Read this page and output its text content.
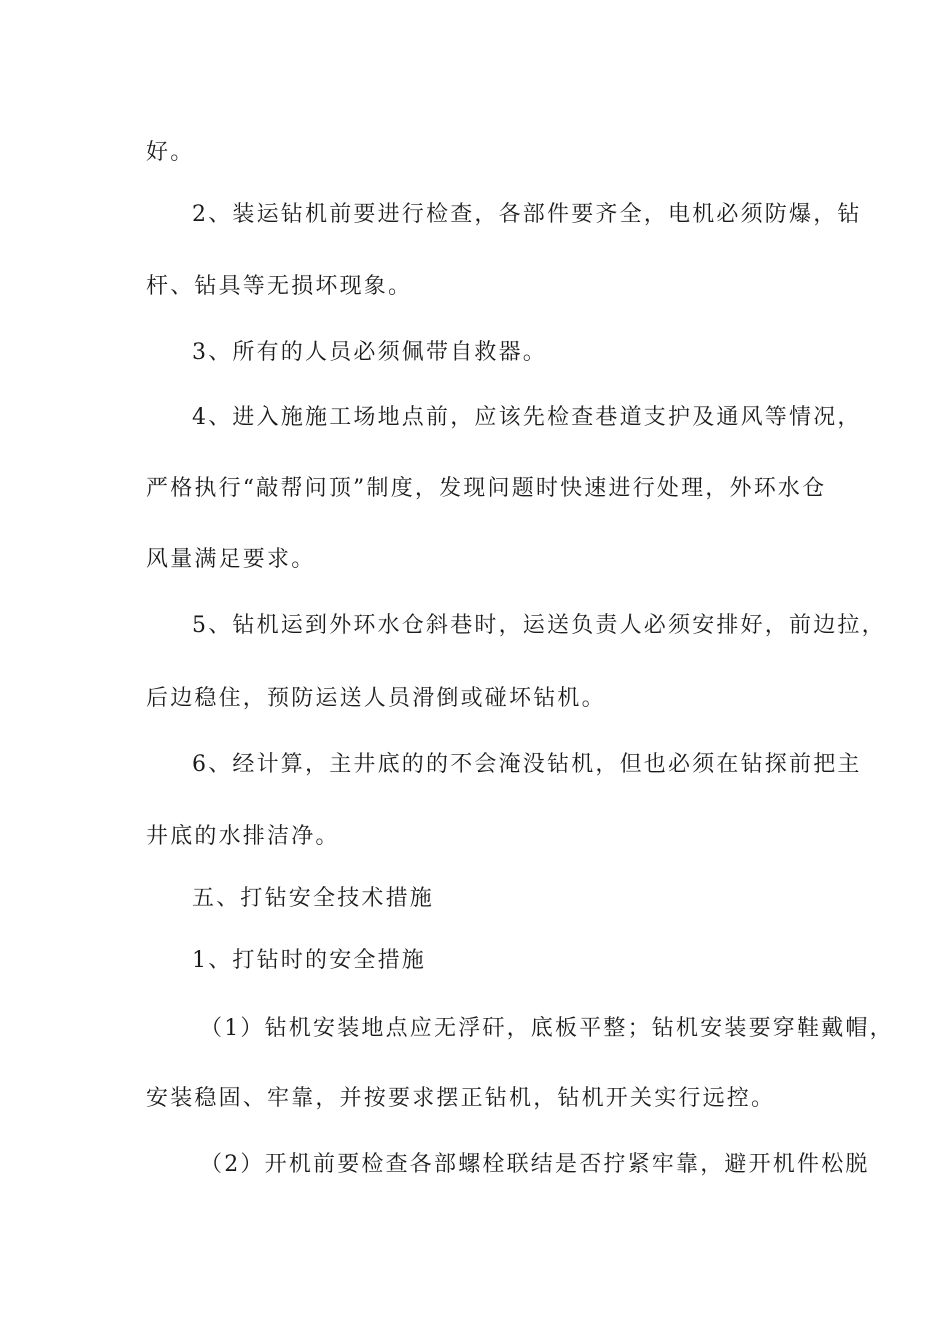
好。
2、装运钻机前要进行检查，各部件要齐全，电机必须防爆，钻
杆、钻具等无损坏现象。
3、所有的人员必须佩带自救器。
4、进入施施工场地点前，应该先检查巷道支护及通风等情况，
严格执行“敲帮问顶”制度，发现问题时快速进行处理，外环水仓
风量满足要求。
5、钻机运到外环水仓斜巷时，运送负责人必须安排好，前边拉，
后边稳住，预防运送人员滑倒或碰坏钻机。
6、经计算，主井底的的不会淹没钻机，但也必须在钻探前把主
井底的水排洁净。
五、打钻安全技术措施
1、打钻时的安全措施
（1）钻机安装地点应无浮矸，底板平整；钻机安装要穿鞋戴帽，
安装稳固、牢靠，并按要求摆正钻机，钻机开关实行远控。
（2）开机前要检查各部螺栓联结是否拧紧牢靠，避开机件松脱
